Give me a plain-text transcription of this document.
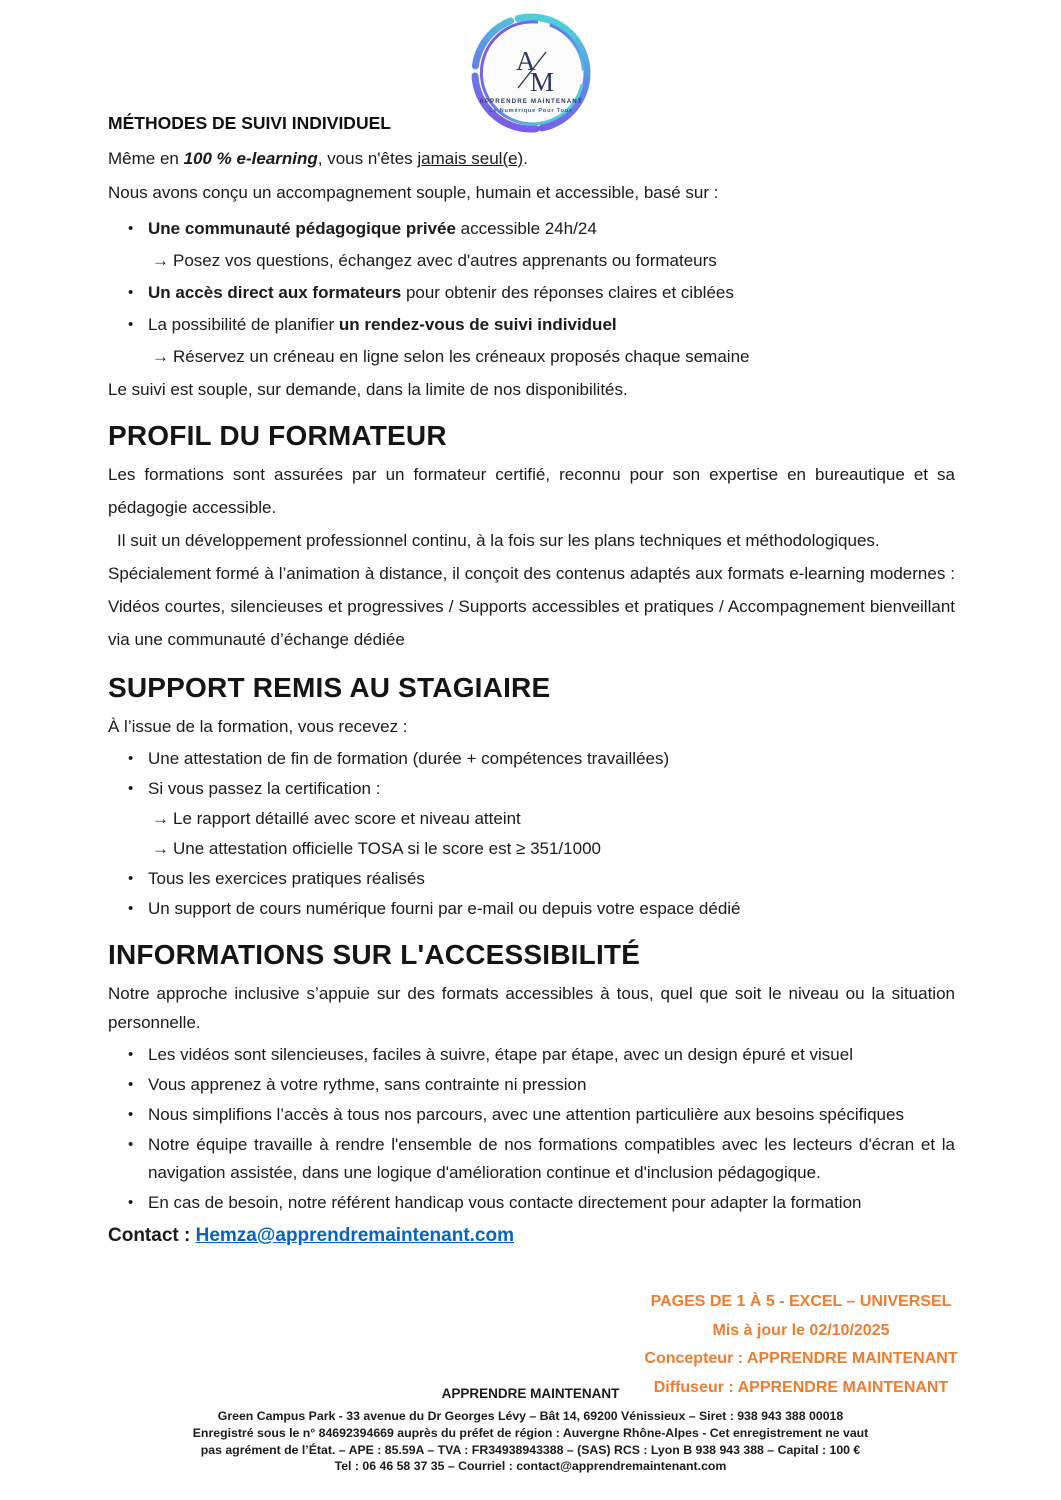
A
M
APPRENDRE MAINTENANT
Le Numérique Pour Tous
MÉTHODES DE SUIVI INDIVIDUEL

Même en 100 % e-learning, vous n'êtes jamais seul(e).

Nous avons conçu un accompagnement souple, humain et accessible, basé sur :

• Une communauté pédagogique privée accessible 24h/24
→ Posez vos questions, échangez avec d'autres apprenants ou formateurs
• Un accès direct aux formateurs pour obtenir des réponses claires et ciblées
• La possibilité de planifier un rendez-vous de suivi individuel
→ Réservez un créneau en ligne selon les créneaux proposés chaque semaine

Le suivi est souple, sur demande, dans la limite de nos disponibilités.

PROFIL DU FORMATEUR

Les formations sont assurées par un formateur certifié, reconnu pour son expertise en bureautique et sa pédagogie accessible.

Il suit un développement professionnel continu, à la fois sur les plans techniques et méthodologiques.

Spécialement formé à l’animation à distance, il conçoit des contenus adaptés aux formats e-learning modernes : Vidéos courtes, silencieuses et progressives / Supports accessibles et pratiques / Accompagnement bienveillant via une communauté d’échange dédiée

SUPPORT REMIS AU STAGIAIRE

À l’issue de la formation, vous recevez :

• Une attestation de fin de formation (durée + compétences travaillées)
• Si vous passez la certification :
→ Le rapport détaillé avec score et niveau atteint
→ Une attestation officielle TOSA si le score est ≥ 351/1000
• Tous les exercices pratiques réalisés
• Un support de cours numérique fourni par e-mail ou depuis votre espace dédié
INFORMATIONS SUR L'ACCESSIBILITÉ

Notre approche inclusive s’appuie sur des formats accessibles à tous, quel que soit le niveau ou la situation personnelle.

• Les vidéos sont silencieuses, faciles à suivre, étape par étape, avec un design épuré et visuel
• Vous apprenez à votre rythme, sans contrainte ni pression
• Nous simplifions l’accès à tous nos parcours, avec une attention particulière aux besoins spécifiques
• Notre équipe travaille à rendre l'ensemble de nos formations compatibles avec les lecteurs d'écran et la navigation assistée, dans une logique d'amélioration continue et d'inclusion pédagogique.
• En cas de besoin, notre référent handicap vous contacte directement pour adapter la formation

Contact : Hemza@apprendremaintenant.com

PAGES DE 1 À 5 - EXCEL – UNIVERSEL
Mis à jour le 02/10/2025
Concepteur : APPRENDRE MAINTENANT
Diffuseur : APPRENDRE MAINTENANT
APPRENDRE MAINTENANT
Green Campus Park - 33 avenue du Dr Georges Lévy – Bât 14, 69200 Vénissieux – Siret : 938 943 388 00018
Enregistré sous le n° 84692394669 auprès du préfet de région : Auvergne Rhône-Alpes - Cet enregistrement ne vaut
pas agrément de l’État. – APE : 85.59A – TVA : FR34938943388 – (SAS) RCS : Lyon B 938 943 388 – Capital : 100 €
Tel : 06 46 58 37 35 – Courriel : contact@apprendremaintenant.com
